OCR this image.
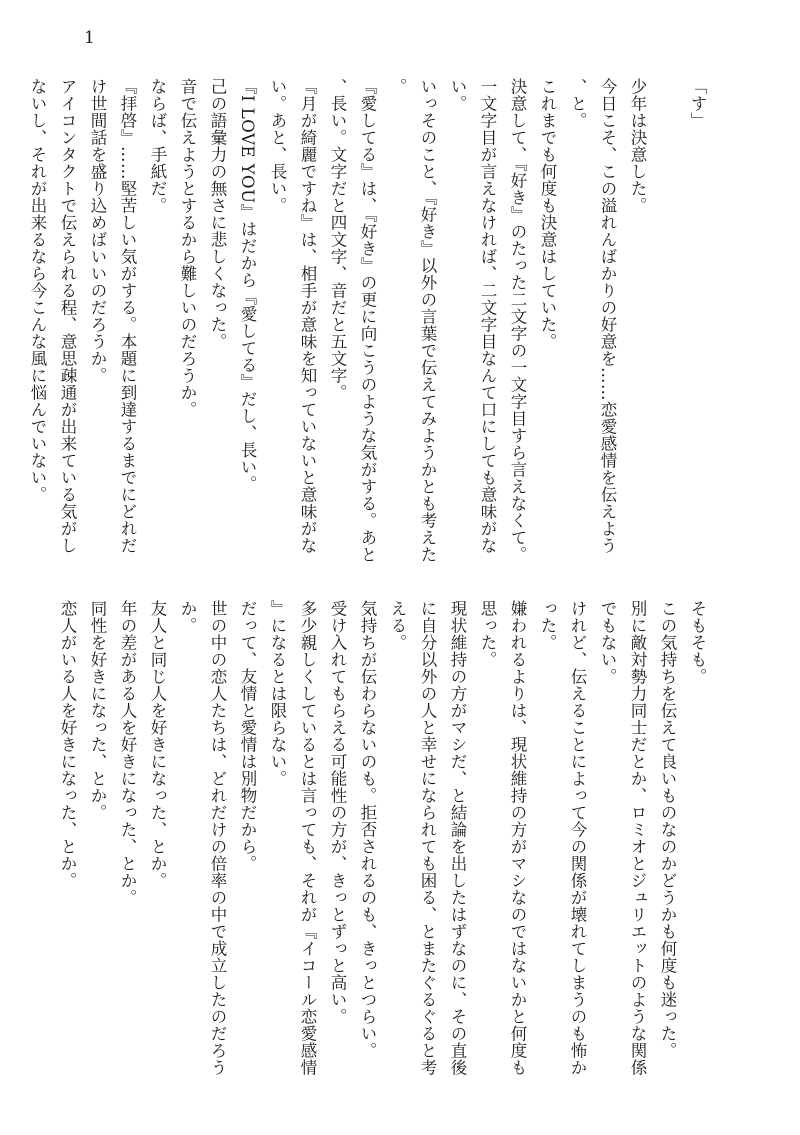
1
「す」
少年は決意した。
今日こそ、この溢れんばかりの好意を……恋愛感情を伝えよう、と。
これまでも何度も決意はしていた。
決意して、『好き』のたった二文字の一文字目すら言えなくて。
一文字目が言えなければ、二文字目なんて口にしても意味がない。
いっそのこと、『好き』以外の言葉で伝えてみようかとも考えた。
『愛してる』は、『好き』の更に向こうのような気がする。あと、長い。文字だと四文字、音だと五文字。
『月が綺麗ですね』は、相手が意味を知っていないと意味がない。あと、長い。
『I LOVE YOU』はだから『愛してる』だし、長い。
己の語彙力の無さに悲しくなった。
音で伝えようとするから難しいのだろうか。
ならば、手紙だ。
『拝啓』……堅苦しい気がする。本題に到達するまでにどれだけ世間話を盛り込めばいいのだろうか。
アイコンタクトで伝えられる程、意思疎通が出来ている気がしないし、それが出来るなら今こんな風に悩んでいない。
そもそも。
この気持ちを伝えて良いものなのかどうかも何度も迷った。
別に敵対勢力同士だとか、ロミオとジュリエットのような関係でもない。
けれど、伝えることによって今の関係が壊れてしまうのも怖かった。
嫌われるよりは、現状維持の方がマシなのではないかと何度も思った。
現状維持の方がマシだ、と結論を出したはずなのに、その直後に自分以外の人と幸せになられても困る、とまたぐるぐると考える。
気持ちが伝わらないのも。拒否されるのも、きっとつらい。
受け入れてもらえる可能性の方が、きっとずっと高い。
多少親しくしているとは言っても、それが『イコール恋愛感情』になるとは限らない。
だって、友情と愛情は別物だから。
世の中の恋人たちは、どれだけの倍率の中で成立したのだろうか。
友人と同じ人を好きになった、とか。
年の差がある人を好きになった、とか。
同性を好きになった、とか。
恋人がいる人を好きになった、とか。
